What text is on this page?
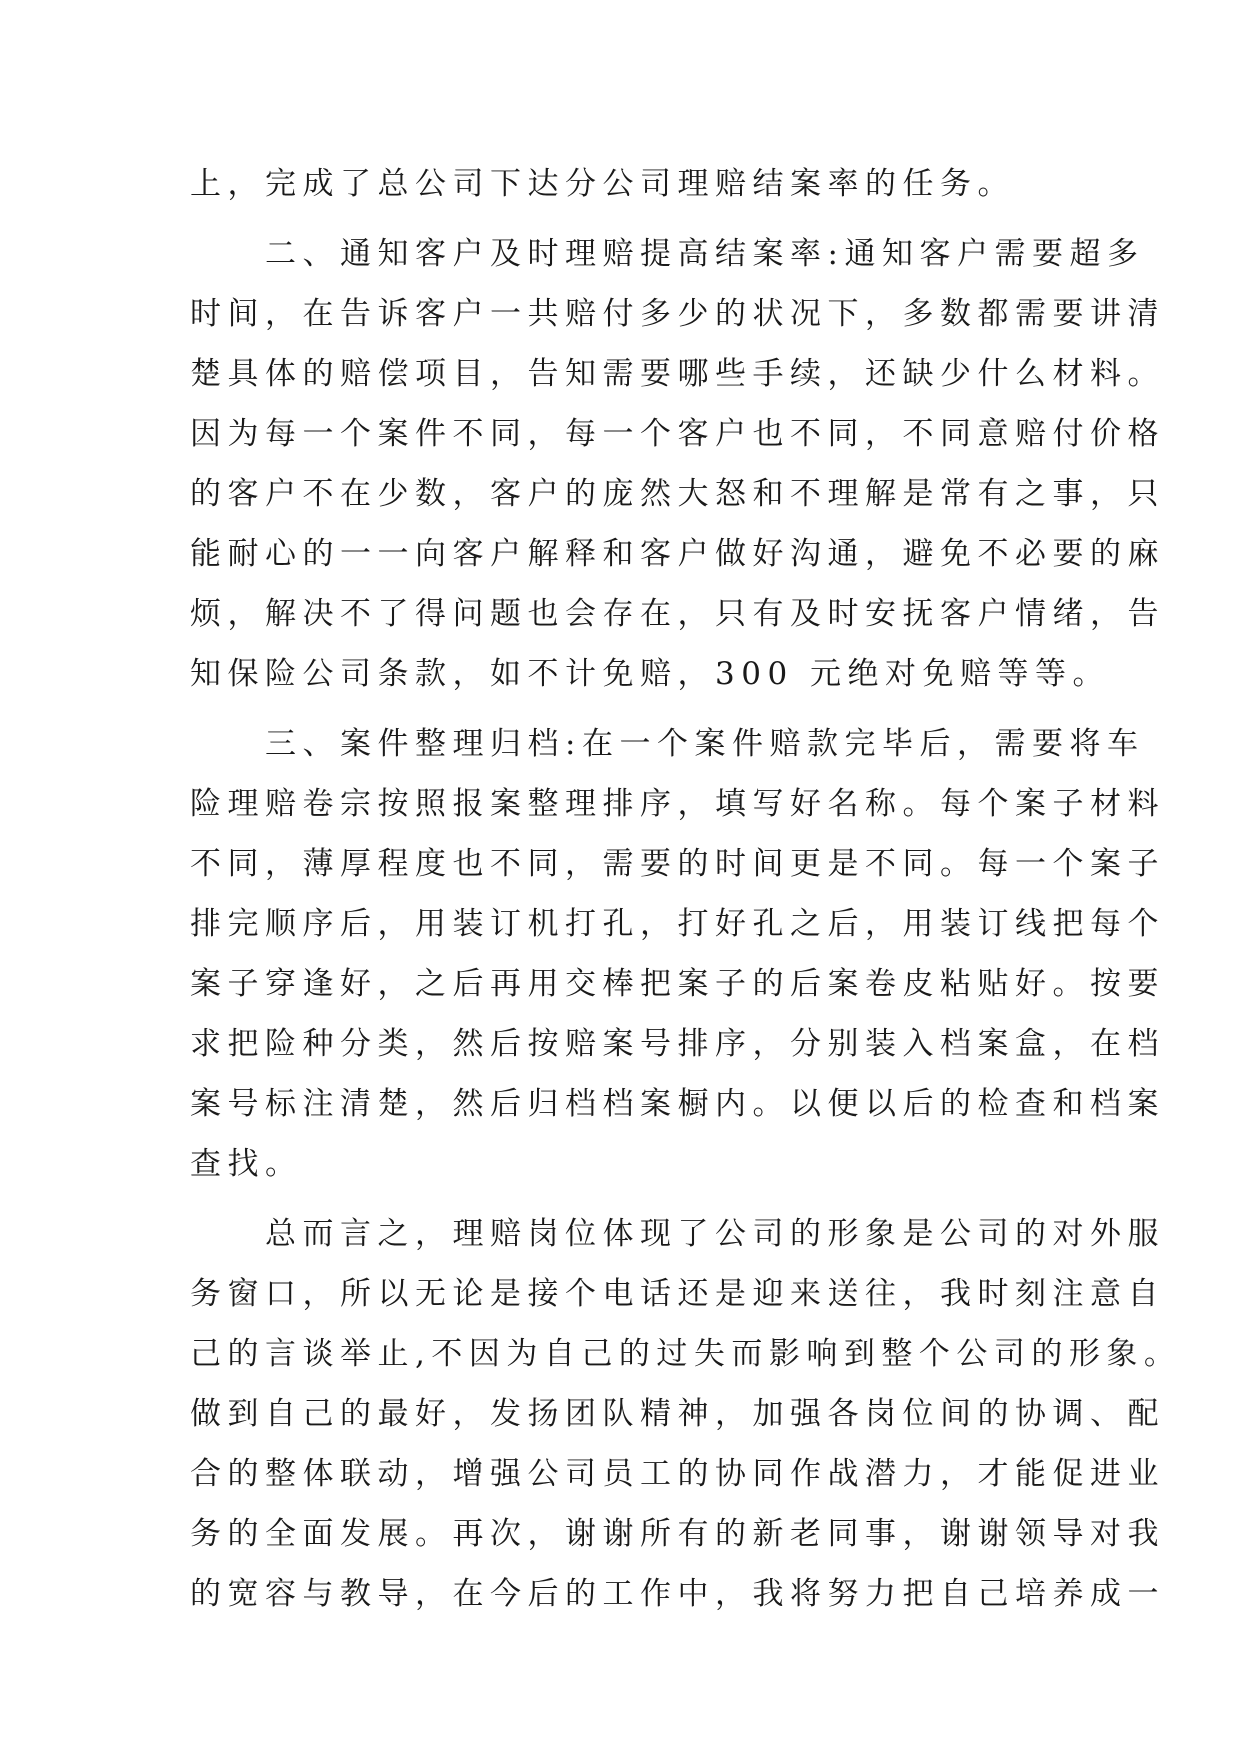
上，完成了总公司下达分公司理赔结案率的任务。
　　二、通知客户及时理赔提高结案率:通知客户需要超多
时间，在告诉客户一共赔付多少的状况下，多数都需要讲清
楚具体的赔偿项目，告知需要哪些手续，还缺少什么材料。
因为每一个案件不同，每一个客户也不同，不同意赔付价格
的客户不在少数，客户的庞然大怒和不理解是常有之事，只
能耐心的一一向客户解释和客户做好沟通，避免不必要的麻
烦，解决不了得问题也会存在，只有及时安抚客户情绪，告
知保险公司条款，如不计免赔，300 元绝对免赔等等。
　　三、案件整理归档:在一个案件赔款完毕后，需要将车
险理赔卷宗按照报案整理排序，填写好名称。每个案子材料
不同，薄厚程度也不同，需要的时间更是不同。每一个案子
排完顺序后，用装订机打孔，打好孔之后，用装订线把每个
案子穿逢好，之后再用交棒把案子的后案卷皮粘贴好。按要
求把险种分类，然后按赔案号排序，分别装入档案盒，在档
案号标注清楚，然后归档档案橱内。以便以后的检查和档案
查找。
　　总而言之，理赔岗位体现了公司的形象是公司的对外服
务窗口，所以无论是接个电话还是迎来送往，我时刻注意自
己的言谈举止,不因为自己的过失而影响到整个公司的形象。
做到自己的最好，发扬团队精神，加强各岗位间的协调、配
合的整体联动，增强公司员工的协同作战潜力，才能促进业
务的全面发展。再次，谢谢所有的新老同事，谢谢领导对我
的宽容与教导，在今后的工作中，我将努力把自己培养成一
